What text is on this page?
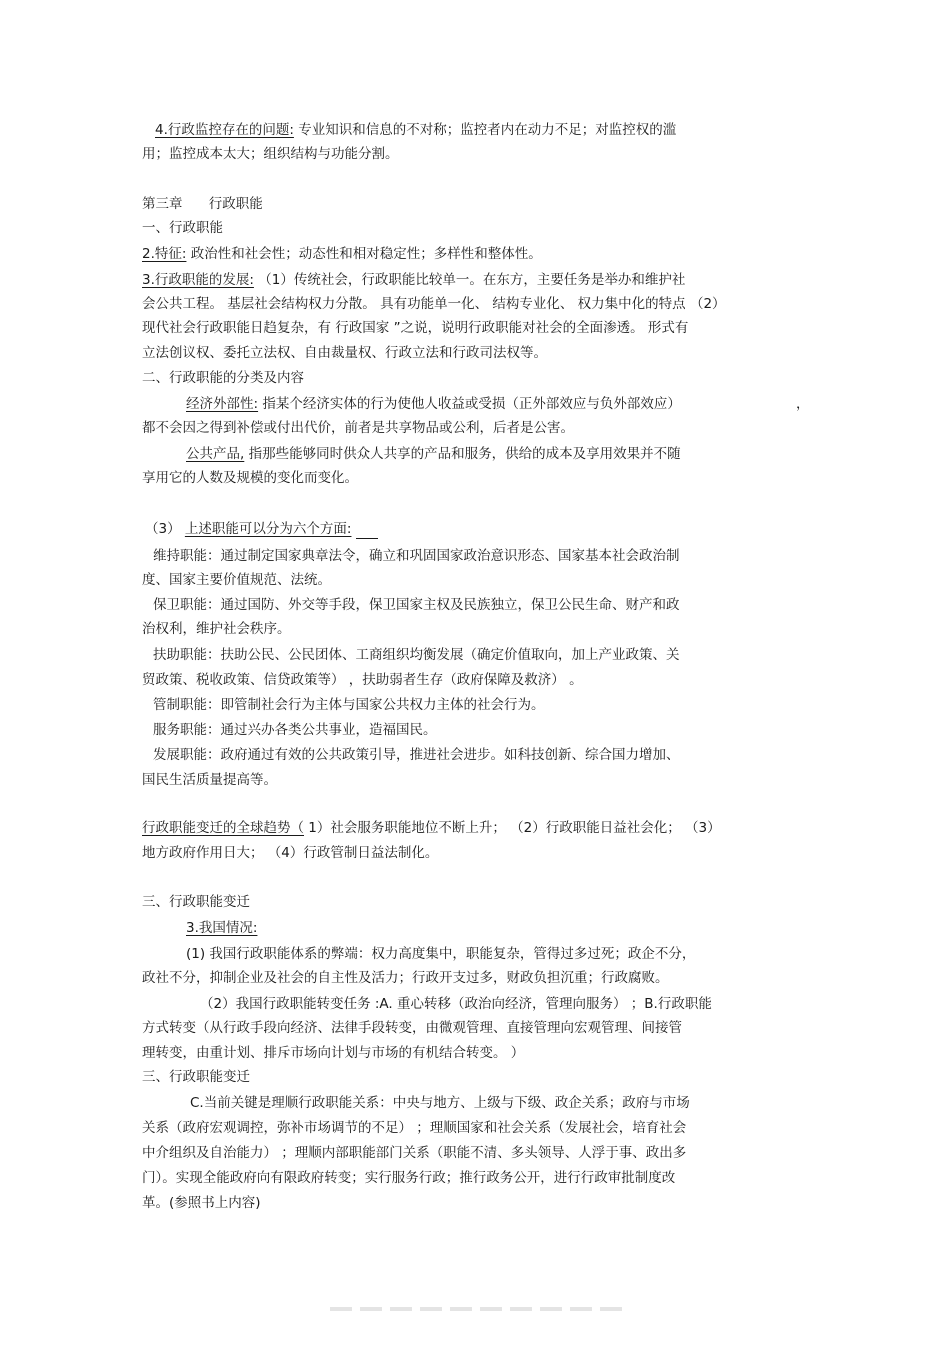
4.行政监控存在的问题: 专业知识和信息的不对称；监控者内在动力不足；对监控权的滥
用；监控成本太大；组织结构与功能分割。
第三章 行政职能
一、行政职能
2.特征: 政治性和社会性；动态性和相对稳定性；多样性和整体性。
3.行政职能的发展: （1）传统社会，行政职能比较单一。在东方，主要任务是举办和维护社
会公共工程。 基层社会结构权力分散。 具有功能单一化、 结构专业化、 权力集中化的特点 （2）
现代社会行政职能日趋复杂，有 行政国家 ”之说，说明行政职能对社会的全面渗透。 形式有
立法创议权、委托立法权、自由裁量权、行政立法和行政司法权等。
二、行政职能的分类及内容
经济外部性: 指某个经济实体的行为使他人收益或受损（正外部效应与负外部效应）	，
都不会因之得到补偿或付出代价，前者是共享物品或公利，后者是公害。
公共产品, 指那些能够同时供众人共享的产品和服务，供给的成本及享用效果并不随
享用它的人数及规模的变化而变化。
（3） 上述职能可以分为六个方面:
维持职能：通过制定国家典章法令，确立和巩固国家政治意识形态、国家基本社会政治制
度、国家主要价值规范、法统。
保卫职能：通过国防、外交等手段，保卫国家主权及民族独立，保卫公民生命、财产和政
治权利，维护社会秩序。
扶助职能：扶助公民、公民团体、工商组织均衡发展（确定价值取向，加上产业政策、关
贸政策、税收政策、信贷政策等） ，扶助弱者生存（政府保障及救济） 。
管制职能：即管制社会行为主体与国家公共权力主体的社会行为。
服务职能：通过兴办各类公共事业，造福国民。
发展职能：政府通过有效的公共政策引导，推进社会进步。如科技创新、综合国力增加、
国民生活质量提高等。
行政职能变迁的全球趋势（ 1）社会服务职能地位不断上升； （2）行政职能日益社会化； （3）
地方政府作用日大； （4）行政管制日益法制化。
三、行政职能变迁
3.我国情况:
(1) 我国行政职能体系的弊端：权力高度集中，职能复杂，管得过多过死；政企不分，
政社不分，抑制企业及社会的自主性及活力；行政开支过多，财政负担沉重；行政腐败。
（2）我国行政职能转变任务 :A. 重心转移（政治向经济，管理向服务） ；B.行政职能
方式转变（从行政手段向经济、法律手段转变，由微观管理、直接管理向宏观管理、间接管
理转变，由重计划、排斥市场向计划与市场的有机结合转变。 ）
三、行政职能变迁
C.当前关键是理顺行政职能关系：中央与地方、上级与下级、政企关系；政府与市场
关系（政府宏观调控，弥补市场调节的不足） ；理顺国家和社会关系（发展社会，培育社会
中介组织及自治能力） ；理顺内部职能部门关系（职能不清、多头领导、人浮于事、政出多
门）。实现全能政府向有限政府转变；实行服务行政；推行政务公开，进行行政审批制度改
革。(参照书上内容)
